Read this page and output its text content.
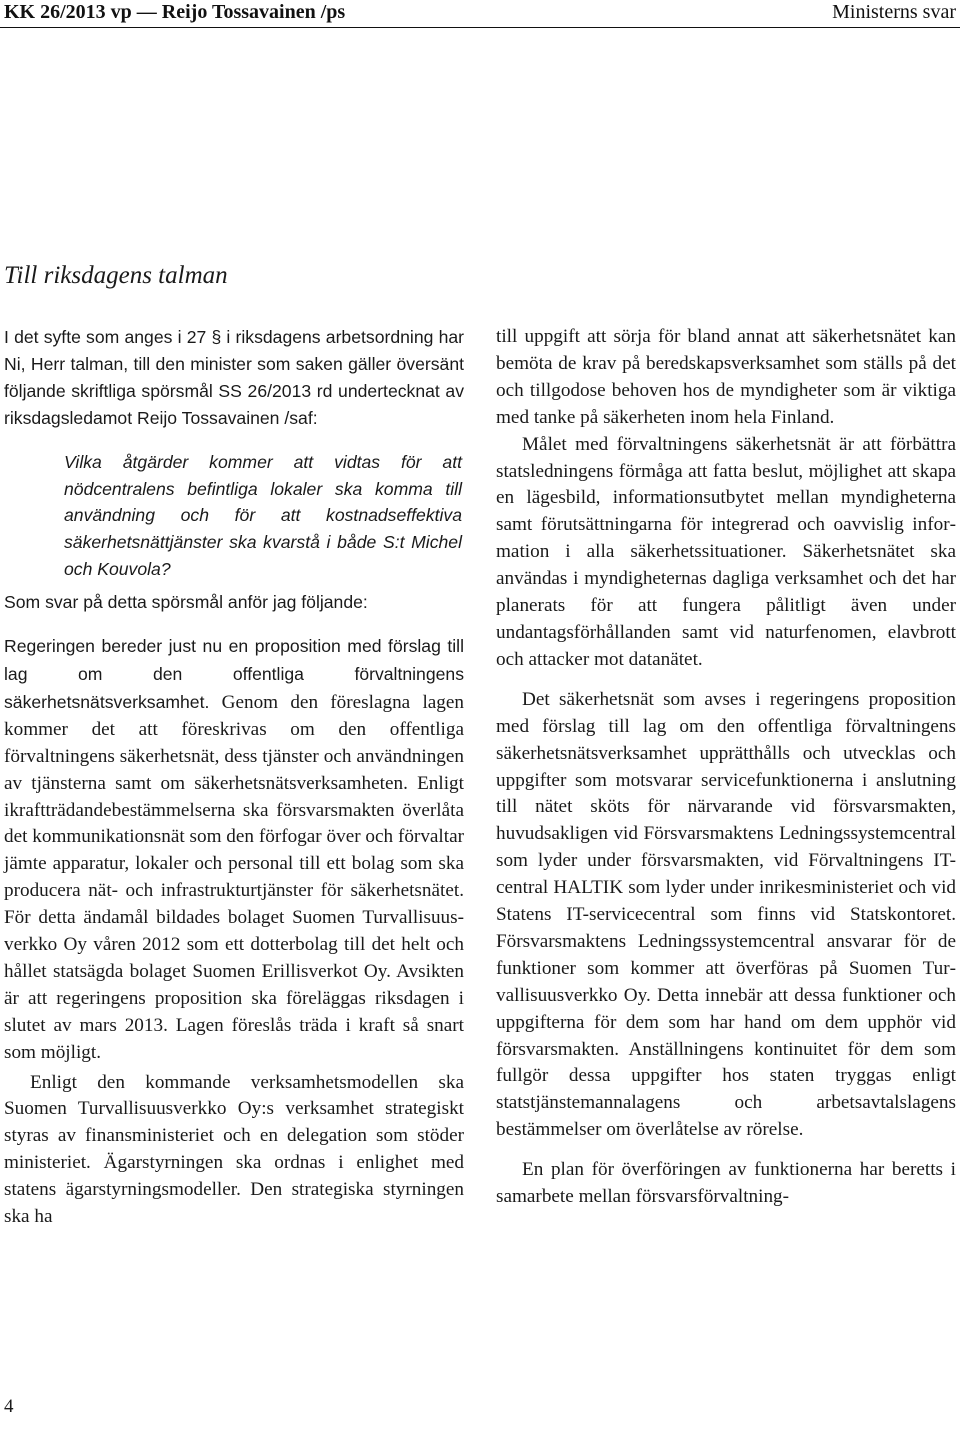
KK 26/2013 vp — Reijo Tossavainen /ps	Ministerns svar
Till riksdagens talman

I det syfte som anges i 27 § i riksdagens arbetsordning har Ni, Herr talman, till den minister som saken gäller översänt följande skriftliga spörsmål SS 26/2013 rd undertecknat av riksdagsledamot Reijo Tossavainen /saf:

Vilka åtgärder kommer att vidtas för att nödcentralens befintliga lokaler ska komma till användning och för att kostnadseffektiva säkerhetsnättjänster ska kvarstå i både S:t Michel och Kouvola?

Som svar på detta spörsmål anför jag följande:

Regeringen bereder just nu en proposition med förslag till lag om den offentliga förvaltningens säkerhetsnätsverksamhet. Genom den föreslagna lagen kommer det att föreskrivas om den offentliga förvaltningens säkerhetsnät, dess tjänster och användningen av tjänsterna samt om säkerhetsnätsverksamheten. Enligt ikraftträdandebestämmelserna ska försvarsmakten överlåta det kommunikationsnät som den förfogar över och förvaltar jämte apparatur, lokaler och personal till ett bolag som ska producera nät- och infrastrukturtjänster för säkerhetsnätet. För detta ändamål bildades bolaget Suomen Turvallisuusverkko Oy våren 2012 som ett dotterbolag till det helt och hållet statsägda bolaget Suomen Erillisverkot Oy. Avsikten är att regeringens proposition ska föreläggas riksdagen i slutet av mars 2013. Lagen föreslås träda i kraft så snart som möjligt.

Enligt den kommande verksamhetsmodellen ska Suomen Turvallisuusverkko Oy:s verksamhet strategiskt styras av finansministeriet och en delegation som stöder ministeriet. Ägarstyrningen ska ordnas i enlighet med statens ägarstyrningsmodeller. Den strategiska styrningen ska ha

till uppgift att sörja för bland annat att säkerhetsnätet kan bemöta de krav på beredskapsverksamhet som ställs på det och tillgodose behoven hos de myndigheter som är viktiga med tanke på säkerheten inom hela Finland.

Målet med förvaltningens säkerhetsnät är att förbättra statsledningens förmåga att fatta beslut, möjlighet att skapa en lägesbild, informationsutbytet mellan myndigheterna samt förutsättningarna för integrerad och oavvislig information i alla säkerhetssituationer. Säkerhetsnätet ska användas i myndigheternas dagliga verksamhet och det har planerats för att fungera pålitligt även under undantagsförhållanden samt vid naturfenomen, elavbrott och attacker mot datanätet.

Det säkerhetsnät som avses i regeringens proposition med förslag till lag om den offentliga förvaltningens säkerhetsnätsverksamhet upprätthålls och utvecklas och uppgifter som motsvarar servicefunktionerna i anslutning till nätet sköts för närvarande vid försvarsmakten, huvudsakligen vid Försvarsmaktens Ledningssystemcentral som lyder under försvarsmakten, vid Förvaltningens IT-central HALTIK som lyder under inrikesministeriet och vid Statens IT-servicecentral som finns vid Statskontoret. Försvarsmaktens Ledningssystemcentral ansvarar för de funktioner som kommer att överföras på Suomen Turvallisuusverkko Oy. Detta innebär att dessa funktioner och uppgifterna för dem som har hand om dem upphör vid försvarsmakten. Anställningens kontinuitet för dem som fullgör dessa uppgifter hos staten tryggas enligt statstjänstemannalagens och arbetsavtalslagens bestämmelser om överlåtelse av rörelse.

En plan för överföringen av funktionerna har beretts i samarbete mellan försvarsförvaltning-

4
